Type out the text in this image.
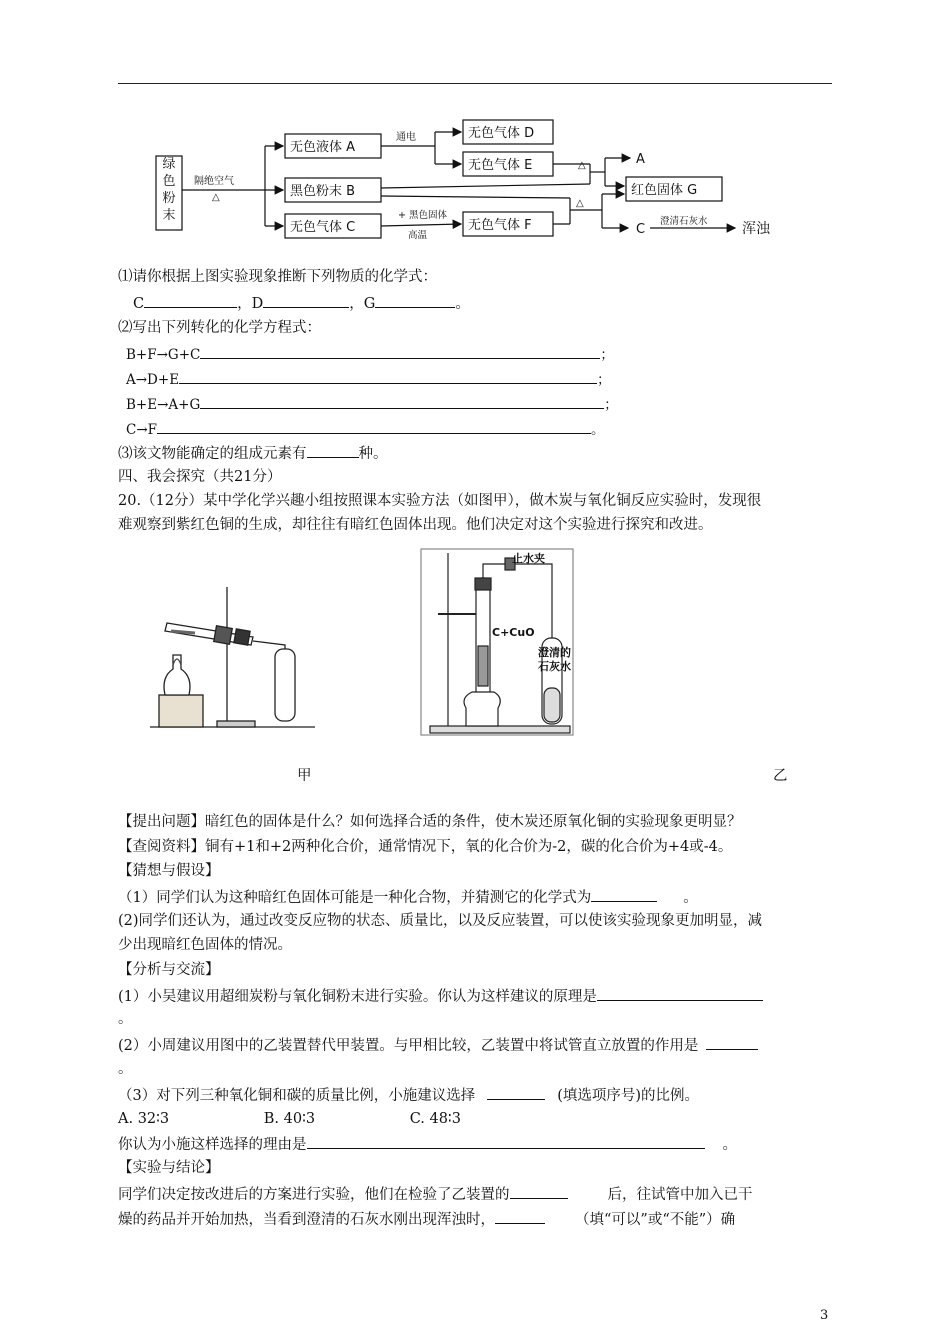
绿
色
粉
末
隔绝空气
△
无色液体 A
黑色粉末 B
无色气体 C
无色气体 D
无色气体 E
无色气体 F
红色固体 G
通电
+ 黑色固体
高温
△
△
A
C
澄清石灰水 浑浊
⑴请你根据上图实验现象推断下列物质的化学式：
C	，D	，G	。
⑵写出下列转化的化学方程式：
B+F→G+C	；
A→D+E	；
B+E→A+G	；
C→F	。
⑶该文物能确定的组成元素有	种。
四、我会探究（共21分）
20.（12分）某中学化学兴趣小组按照课本实验方法（如图甲），做木炭与氧化铜反应实验时，发现很
难观察到紫红色铜的生成，却往往有暗红色固体出现。他们决定对这个实验进行探究和改进。
止水夹
C+CuO
澄清的
石灰水
甲	乙
【提出问题】暗红色的固体是什么？如何选择合适的条件，使木炭还原氧化铜的实验现象更明显？
【查阅资料】铜有+1和+2两种化合价，通常情况下，氧的化合价为-2，碳的化合价为+4或-4。
【猜想与假设】
（1）同学们认为这种暗红色固体可能是一种化合物，并猜测它的化学式为	。
(2)同学们还认为，通过改变反应物的状态、质量比，以及反应装置，可以使该实验现象更加明显，减
少出现暗红色固体的情况。
【分析与交流】
(1）小吴建议用超细炭粉与氧化铜粉末进行实验。你认为这样建议的原理是
。
(2）小周建议用图中的乙装置替代甲装置。与甲相比较，乙装置中将试管直立放置的作用是
。
（3）对下列三种氧化铜和碳的质量比例，小施建议选择	(填选项序号)的比例。
A. 32∶3	B. 40∶3	C. 48∶3
你认为小施这样选择的理由是	。
【实验与结论】
同学们决定按改进后的方案进行实验，他们在检验了乙装置的	后，往试管中加入已干
燥的药品并开始加热，当看到澄清的石灰水刚出现浑浊时，	（填“可以”或“不能”）确
3
